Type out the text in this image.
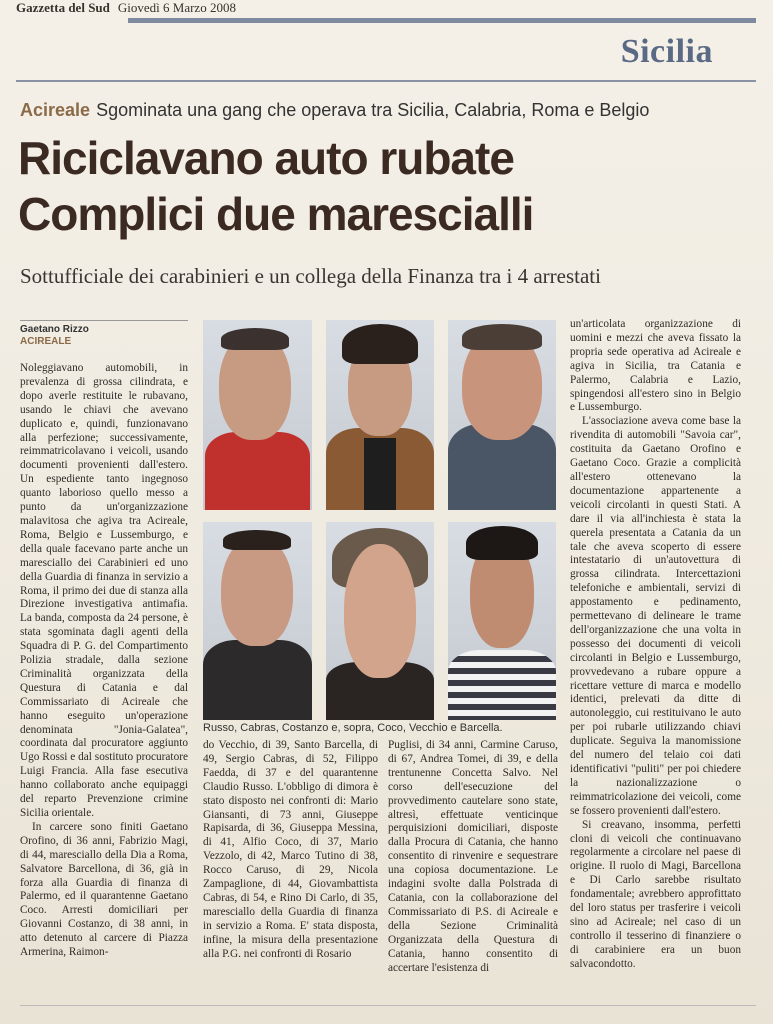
Gazzetta del Sud Giovedì 6 Marzo 2008
Sicilia
Acireale Sgominata una gang che operava tra Sicilia, Calabria, Roma e Belgio
Riciclavano auto rubate
Complici due marescialli
Sottufficiale dei carabinieri e un collega della Finanza tra i 4 arrestati
Gaetano Rizzo
ACIREALE

Noleggiavano automobili, in prevalenza di grossa cilindrata, e dopo averle restituite le rubavano, usando le chiavi che avevano duplicato e, quindi, funzionavano alla perfezione; successivamente, reimmatricolavano i veicoli, usando documenti provenienti dall'estero. Un espediente tanto ingegnoso quanto laborioso quello messo a punto da un'organizzazione malavitosa che agiva tra Acireale, Roma, Belgio e Lussemburgo, e della quale facevano parte anche un maresciallo dei Carabinieri ed uno della Guardia di finanza in servizio a Roma, il primo dei due di stanza alla Direzione investigativa antimafia. La banda, composta da 24 persone, è stata sgominata dagli agenti della Squadra di P. G. del Compartimento Polizia stradale, dalla sezione Criminalità organizzata della Questura di Catania e dal Commissariato di Acireale che hanno eseguito un'operazione denominata "Jonia-Galatea", coordinata dal procuratore aggiunto Ugo Rossi e dal sostituto procuratore Luigi Francia. Alla fase esecutiva hanno collaborato anche equipaggi del reparto Prevenzione crimine Sicilia orientale.

In carcere sono finiti Gaetano Orofino, di 36 anni, Fabrizio Magi, di 44, maresciallo della Dia a Roma, Salvatore Barcellona, di 36, già in forza alla Guardia di finanza di Palermo, ed il quarantenne Gaetano Coco. Arresti domiciliari per Giovanni Costanzo, di 38 anni, in atto detenuto al carcere di Piazza Armerina, Raimon-

Russo, Cabras, Costanzo e, sopra, Coco, Vecchio e Barcella.

do Vecchio, di 39, Santo Barcella, di 49, Sergio Cabras, di 52, Filippo Faedda, di 37 e del quarantenne Claudio Russo. L'obbligo di dimora è stato disposto nei confronti di: Mario Giansanti, di 73 anni, Giuseppe Rapisarda, di 36, Giuseppa Messina, di 41, Alfio Coco, di 37, Mario Vezzolo, di 42, Marco Tutino di 38, Rocco Caruso, di 29, Nicola Zampaglione, di 44, Giovambattista Cabras, di 54, e Rino Di Carlo, di 35, maresciallo della Guardia di finanza in servizio a Roma. E' stata disposta, infine, la misura della presentazione alla P.G. nei confronti di Rosario

Puglisi, di 34 anni, Carmine Caruso, di 67, Andrea Tomei, di 39, e della trentunenne Concetta Salvo. Nel corso dell'esecuzione del provvedimento cautelare sono state, altresì, effettuate venticinque perquisizioni domiciliari, disposte dalla Procura di Catania, che hanno consentito di rinvenire e sequestrare una copiosa documentazione. Le indagini svolte dalla Polstrada di Catania, con la collaborazione del Commissariato di P.S. di Acireale e della Sezione Criminalità Organizzata della Questura di Catania, hanno consentito di accertare l'esistenza di

un'articolata organizzazione di uomini e mezzi che aveva fissato la propria sede operativa ad Acireale e agiva in Sicilia, tra Catania e Palermo, Calabria e Lazio, spingendosi all'estero sino in Belgio e Lussemburgo.

L'associazione aveva come base la rivendita di automobili "Savoia car", costituita da Gaetano Orofino e Gaetano Coco. Grazie a complicità all'estero ottenevano la documentazione appartenente a veicoli circolanti in questi Stati. A dare il via all'inchiesta è stata la querela presentata a Catania da un tale che aveva scoperto di essere intestatario di un'autovettura di grossa cilindrata. Intercettazioni telefoniche e ambientali, servizi di appostamento e pedinamento, permettevano di delineare le trame dell'organizzazione che una volta in possesso dei documenti di veicoli circolanti in Belgio e Lussemburgo, provvedevano a rubare oppure a ricettare vetture di marca e modello identici, prelevati da ditte di autonoleggio, cui restituivano le auto per poi rubarle utilizzando chiavi duplicate. Seguiva la manomissione del numero del telaio coi dati identificativi "puliti" per poi chiedere la nazionalizzazione o reimmatricolazione dei veicoli, come se fossero provenienti dall'estero.

Si creavano, insomma, perfetti cloni di veicoli che continuavano regolarmente a circolare nel paese di origine. Il ruolo di Magi, Barcellona e Di Carlo sarebbe risultato fondamentale; avrebbero approfittato del loro status per trasferire i veicoli sino ad Acireale; nel caso di un controllo il tesserino di finanziere o di carabiniere era un buon salvacondotto.
